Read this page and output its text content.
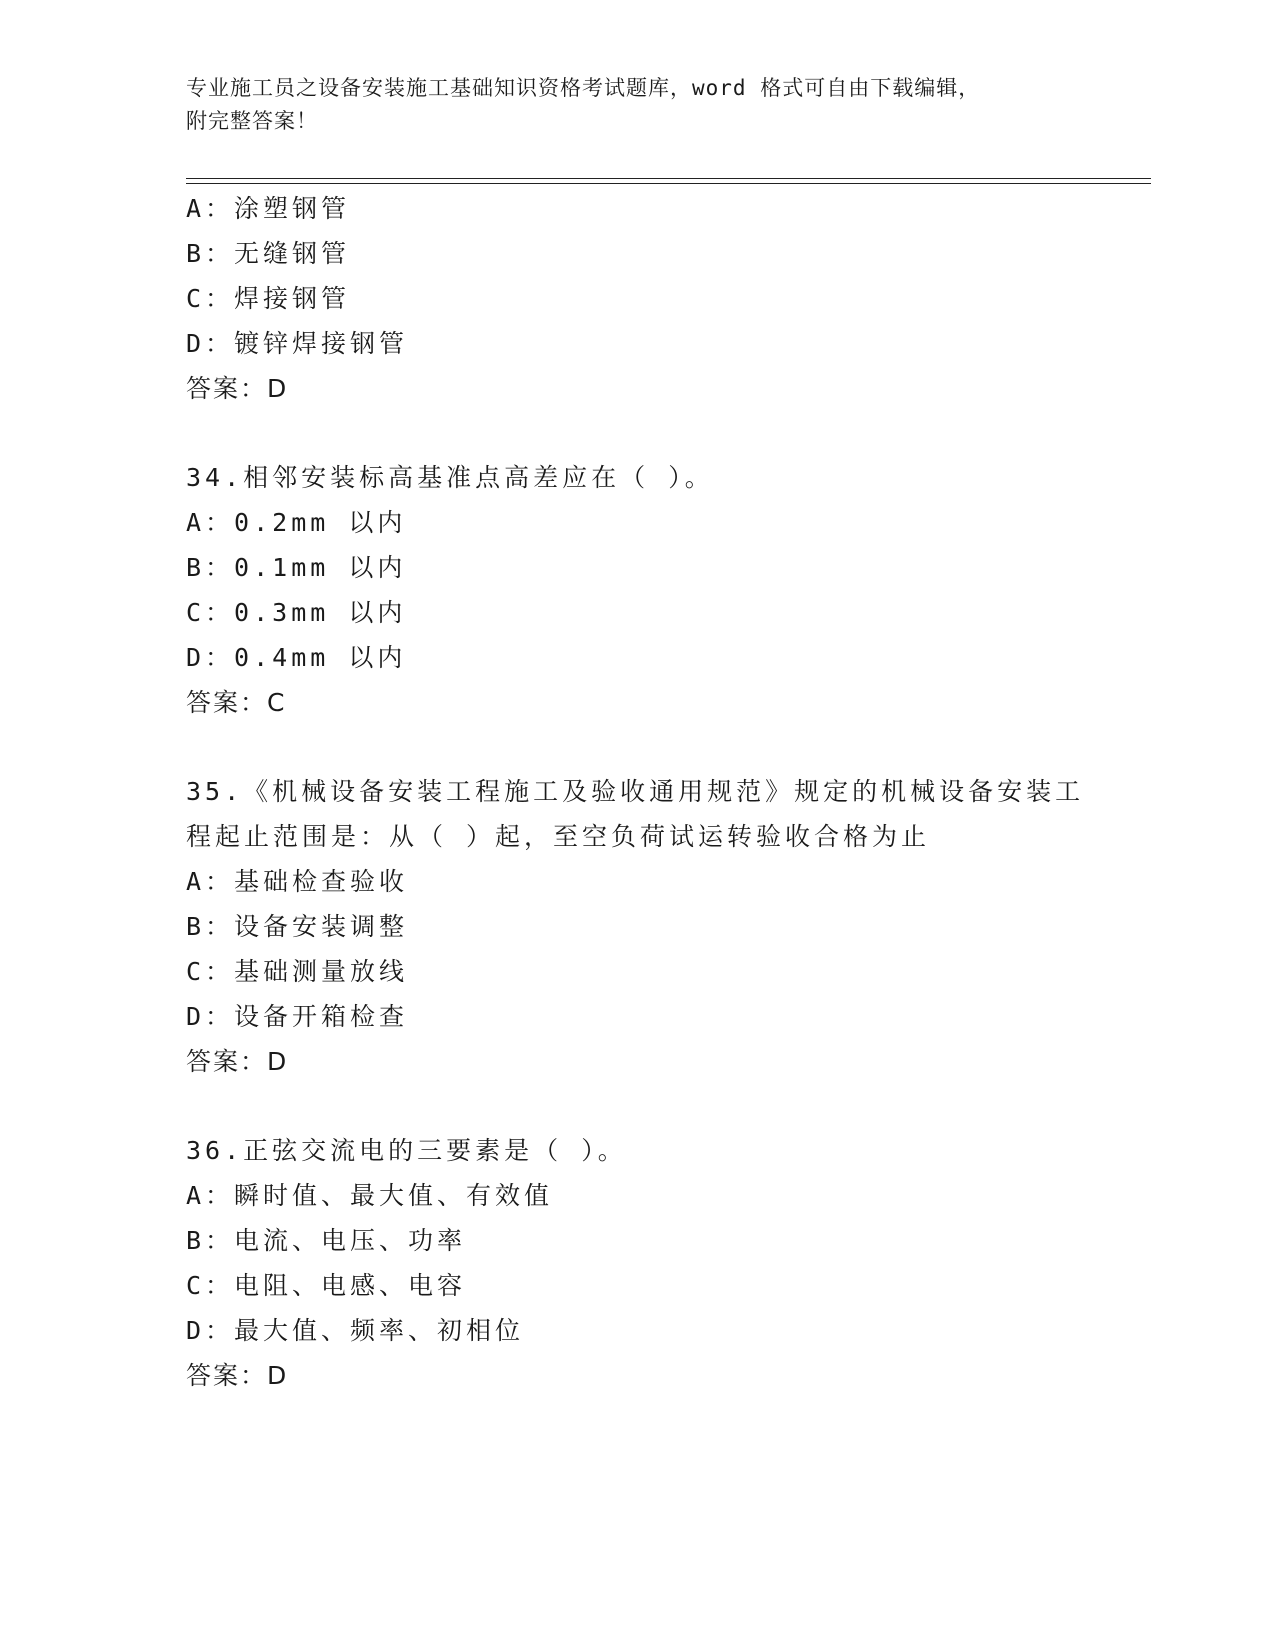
专业施工员之设备安装施工基础知识资格考试题库，word 格式可自由下载编辑，
附完整答案！
A：涂塑钢管
B：无缝钢管
C：焊接钢管
D：镀锌焊接钢管
答案：D
34.相邻安装标高基准点高差应在（ ）。
A：0.2mm 以内
B：0.1mm 以内
C：0.3mm 以内
D：0.4mm 以内
答案：C
35.《机械设备安装工程施工及验收通用规范》规定的机械设备安装工
程起止范围是：从（ ）起，至空负荷试运转验收合格为止
A：基础检查验收
B：设备安装调整
C：基础测量放线
D：设备开箱检查
答案：D
36.正弦交流电的三要素是（ ）。
A：瞬时值、最大值、有效值
B：电流、电压、功率
C：电阻、电感、电容
D：最大值、频率、初相位
答案：D
